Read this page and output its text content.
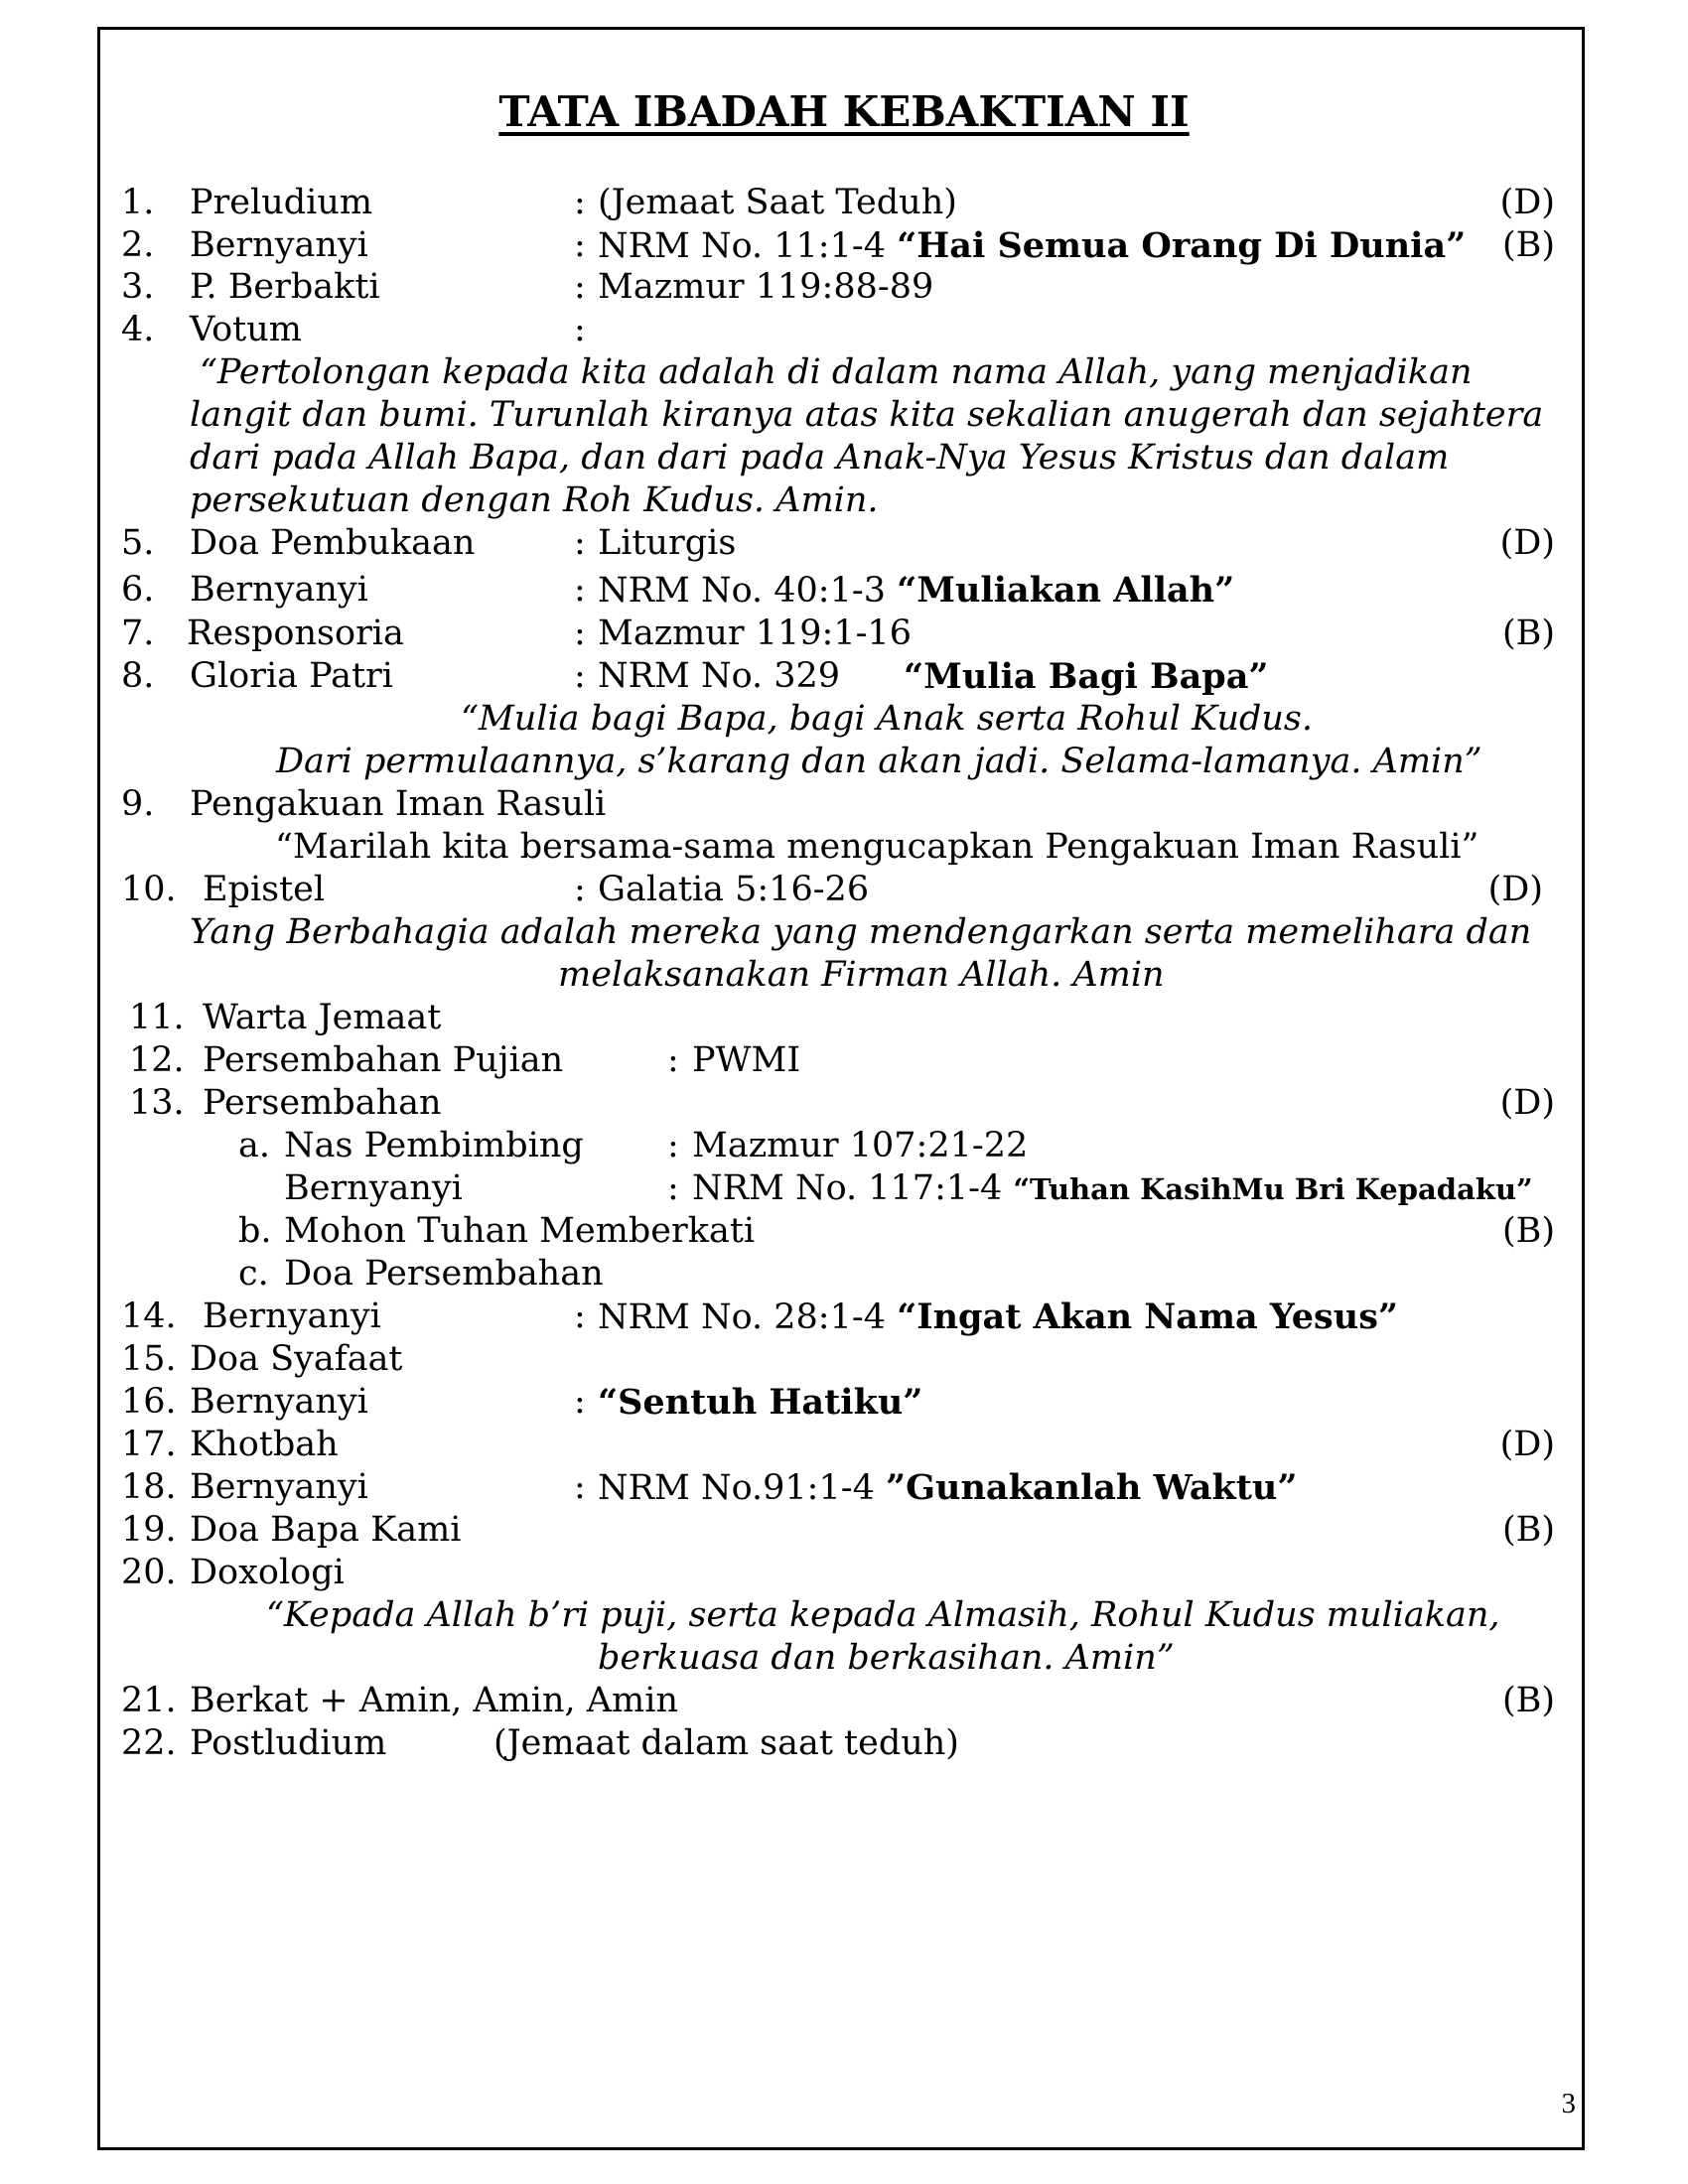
TATA IBADAH KEBAKTIAN II
1. Preludium	: (Jemaat Saat Teduh)	(D)
2. Bernyanyi	: NRM No. 11:1-4 “Hai Semua Orang Di Dunia” (B)
3. P. Berbakti	: Mazmur 119:88-89
4. Votum	:
“Pertolongan kepada kita adalah di dalam nama Allah, yang menjadikan
langit dan bumi. Turunlah kiranya atas kita sekalian anugerah dan sejahtera
dari pada Allah Bapa, dan dari pada Anak-Nya Yesus Kristus dan dalam
persekutuan dengan Roh Kudus. Amin.
5. Doa Pembukaan	: Liturgis	(D)
6. Bernyanyi	: NRM No. 40:1-3 “Muliakan Allah”
7. Responsoria	: Mazmur 119:1-16	(B)
8. Gloria Patri	: NRM No. 329 “Mulia Bagi Bapa”
“Mulia bagi Bapa, bagi Anak serta Rohul Kudus.
Dari permulaannya, s’karang dan akan jadi. Selama-lamanya. Amin”
9. Pengakuan Iman Rasuli
“Marilah kita bersama-sama mengucapkan Pengakuan Iman Rasuli”
10. Epistel	: Galatia 5:16-26	(D)
Yang Berbahagia adalah mereka yang mendengarkan serta memelihara dan
melaksanakan Firman Allah. Amin
11. Warta Jemaat
12. Persembahan Pujian	: PWMI
13. Persembahan	(D)
a. Nas Pembimbing : Mazmur 107:21-22
Bernyanyi	: NRM No. 117:1-4 “Tuhan KasihMu Bri Kepadaku”
b. Mohon Tuhan Memberkati	(B)
c. Doa Persembahan
14. Bernyanyi	: NRM No. 28:1-4 “Ingat Akan Nama Yesus”
15. Doa Syafaat
16. Bernyanyi	: “Sentuh Hatiku”
17. Khotbah	(D)
18. Bernyanyi	: NRM No.91:1-4 ”Gunakanlah Waktu”
19. Doa Bapa Kami	(B)
20. Doxologi
“Kepada Allah b’ri puji, serta kepada Almasih, Rohul Kudus muliakan,
berkuasa dan berkasihan. Amin”
21. Berkat + Amin, Amin, Amin	(B)
22. Postludium	(Jemaat dalam saat teduh)
3
